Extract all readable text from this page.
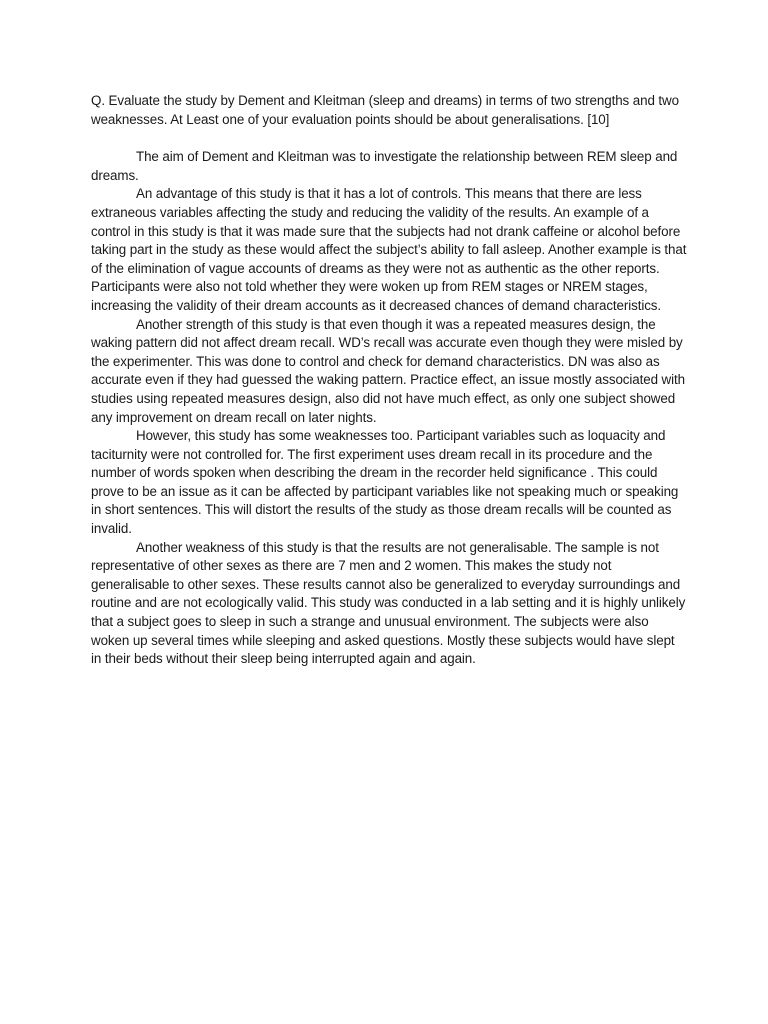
Q. Evaluate the study by Dement and Kleitman (sleep and dreams) in terms of two strengths and two weaknesses. At Least one of your evaluation points should be about generalisations. [10]

The aim of Dement and Kleitman was to investigate the relationship between REM sleep and dreams.

An advantage of this study is that it has a lot of controls. This means that there are less extraneous variables affecting the study and reducing the validity of the results. An example of a control in this study is that it was made sure that the subjects had not drank caffeine or alcohol before taking part in the study as these would affect the subject’s ability to fall asleep. Another example is that of the elimination of vague accounts of dreams as they were not as authentic as the other reports. Participants were also not told whether they were woken up from REM stages or NREM stages, increasing the validity of their dream accounts as it decreased chances of demand characteristics.

Another strength of this study is that even though it was a repeated measures design, the waking pattern did not affect dream recall. WD’s recall was accurate even though they were misled by the experimenter. This was done to control and check for demand characteristics. DN was also as accurate even if they had guessed the waking pattern. Practice effect, an issue mostly associated with studies using repeated measures design, also did not have much effect, as only one subject showed any improvement on dream recall on later nights.

However, this study has some weaknesses too. Participant variables such as loquacity and taciturnity were not controlled for. The first experiment uses dream recall in its procedure and the number of words spoken when describing the dream in the recorder held significance . This could prove to be an issue as it can be affected by participant variables like not speaking much or speaking in short sentences. This will distort the results of the study as those dream recalls will be counted as invalid.

Another weakness of this study is that the results are not generalisable. The sample is not representative of other sexes as there are 7 men and 2 women. This makes the study not generalisable to other sexes. These results cannot also be generalized to everyday surroundings and routine and are not ecologically valid. This study was conducted in a lab setting and it is highly unlikely that a subject goes to sleep in such a strange and unusual environment. The subjects were also woken up several times while sleeping and asked questions. Mostly these subjects would have slept in their beds without their sleep being interrupted again and again.
